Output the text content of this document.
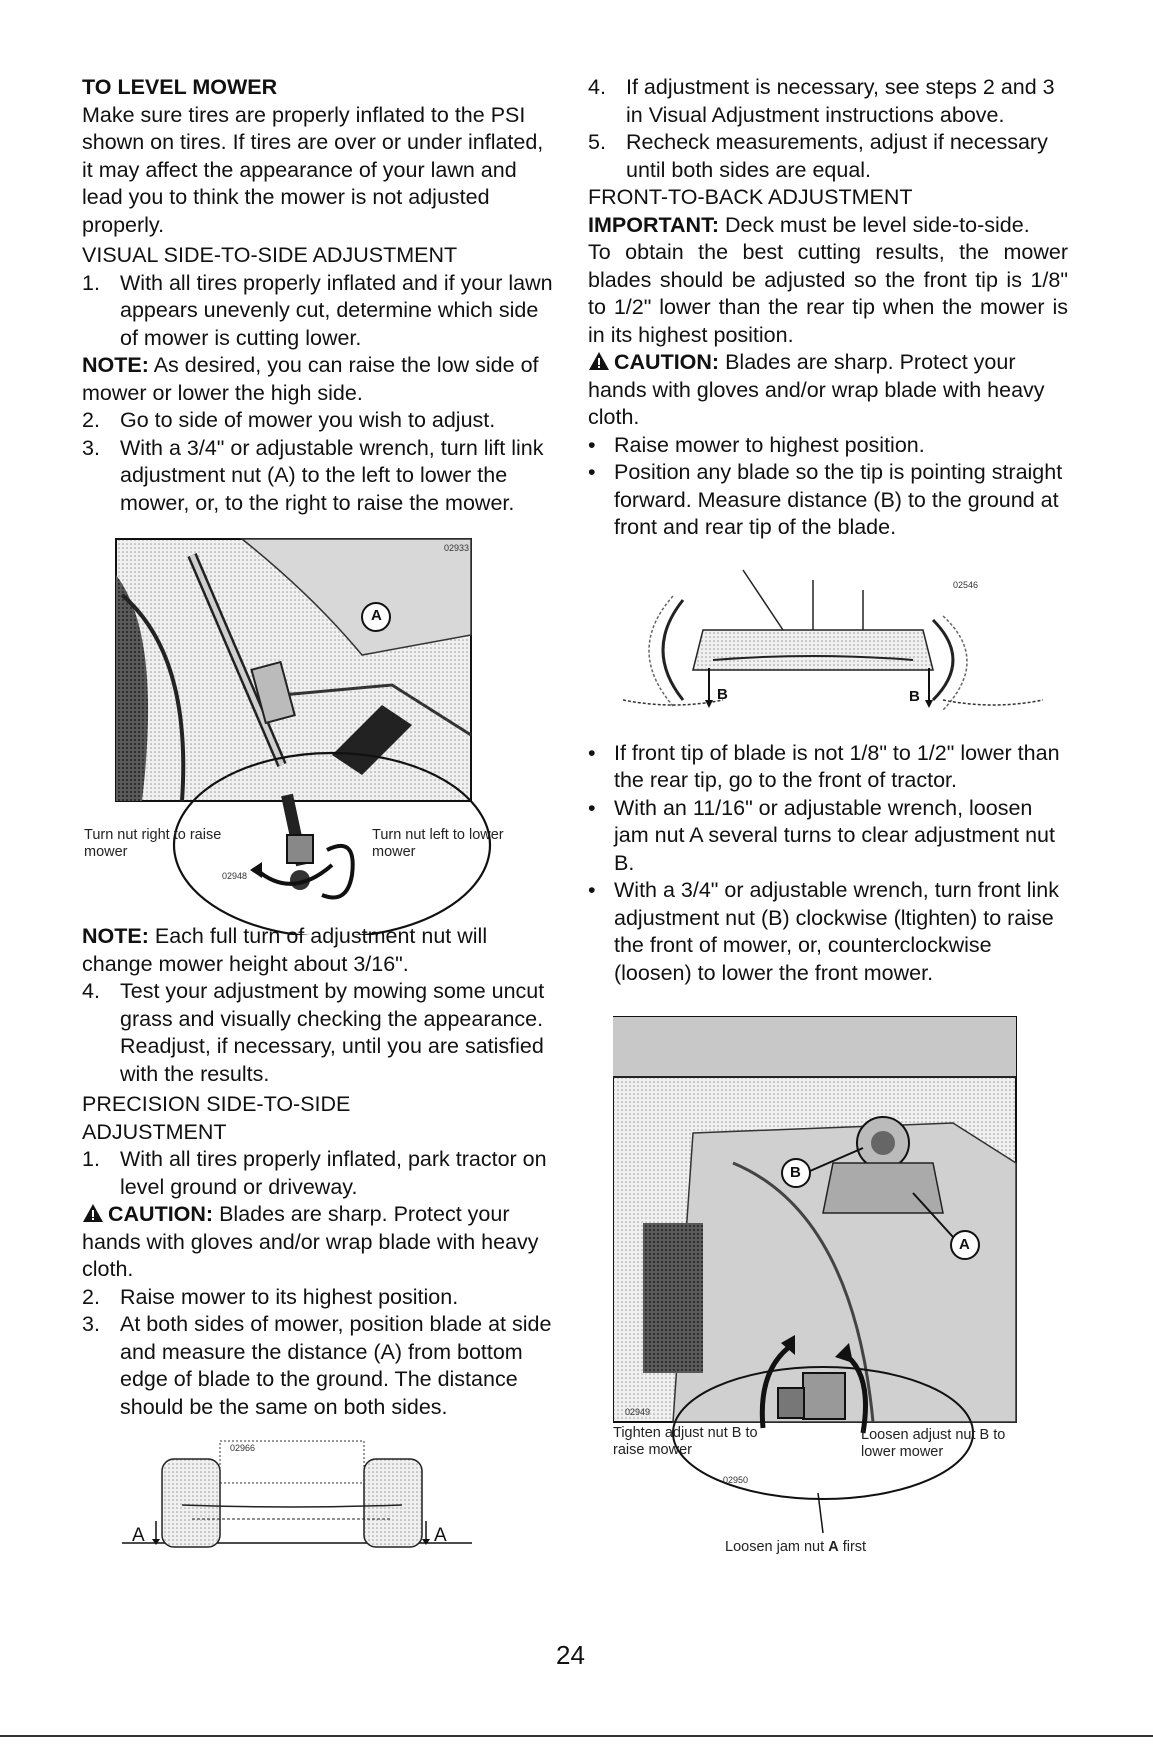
TO LEVEL MOWER

Make sure tires are properly inflated to the PSI shown on tires. If tires are over or under inflated, it may affect the appearance of your lawn and lead you to think the mower is not adjusted properly.

VISUAL SIDE-TO-SIDE ADJUSTMENT

1. With all tires properly inflated and if your lawn appears unevenly cut, determine which side of mower is cutting lower.

NOTE: As desired, you can raise the low side of mower or lower the high side.

2. Go to side of mower you wish to adjust.
3. With a 3/4" or adjustable wrench, turn lift link adjustment nut (A) to the left to lower the mower, or, to the right to raise the mower.
02933
A
Turn nut right to raise mower
Turn nut left to lower mower
02948

NOTE: Each full turn of adjustment nut will change mower height about 3/16".

4. Test your adjustment by mowing some uncut grass and visually checking the appearance. Readjust, if necessary, until you are satisfied with the results.

PRECISION SIDE-TO-SIDE ADJUSTMENT

1. With all tires properly inflated, park tractor on level ground or driveway.

CAUTION: Blades are sharp. Protect your hands with gloves and/or wrap blade with heavy cloth.

2. Raise mower to its highest position.
3. At both sides of mower, position blade at side and measure the distance (A) from bottom edge of blade to the ground. The distance should be the same on both sides.
02966
A	A
4. If adjustment is necessary, see steps 2 and 3 in Visual Adjustment instructions above.
5. Recheck measurements, adjust if necessary until both sides are equal.

FRONT-TO-BACK ADJUSTMENT

IMPORTANT: Deck must be level side-to-side.

To obtain the best cutting results, the mower blades should be adjusted so the front tip is 1/8" to 1/2" lower than the rear tip when the mower is in its highest position.

CAUTION: Blades are sharp. Protect your hands with gloves and/or wrap blade with heavy cloth.

• Raise mower to highest position.
• Position any blade so the tip is pointing straight forward. Measure distance (B) to the ground at front and rear tip of the blade.
02546
B	B
• If front tip of blade is not 1/8" to 1/2" lower than the rear tip, go to the front of tractor.
• With an 11/16" or adjustable wrench, loosen jam nut A several turns to clear adjustment nut B.
• With a 3/4" or adjustable wrench, turn front link adjustment nut (B) clockwise (ltighten) to raise the front of mower, or, counterclockwise (loosen) to lower the front mower.
B
A
02949
Tighten adjust nut B to raise mower
Loosen adjust nut B to lower mower
02950
Loosen jam nut A first
24
